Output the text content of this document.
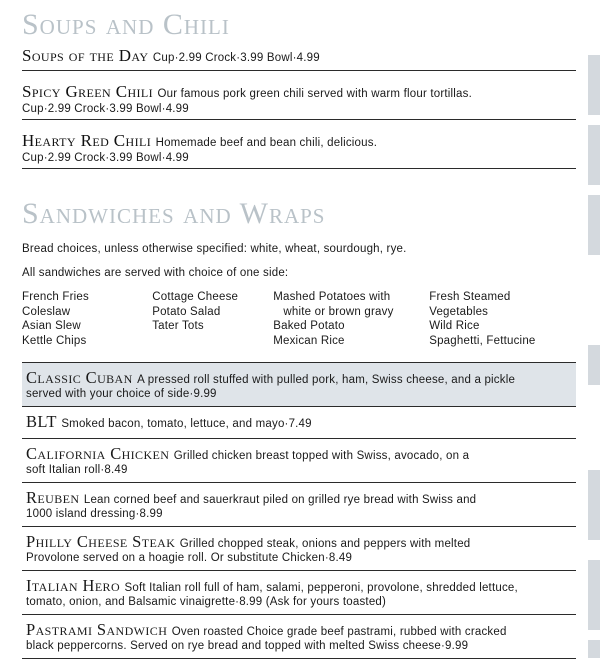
Soups and Chili
Soups of the Day Cup·2.99 Crock·3.99 Bowl·4.99
Spicy Green Chili Our famous pork green chili served with warm flour tortillas.
Cup·2.99 Crock·3.99 Bowl·4.99
Hearty Red Chili Homemade beef and bean chili, delicious.
Cup·2.99 Crock·3.99 Bowl·4.99
Sandwiches and Wraps
Bread choices, unless otherwise specified: white, wheat, sourdough, rye.
All sandwiches are served with choice of one side:
French Fries
Coleslaw
Asian Slew
Kettle Chips
Cottage Cheese
Potato Salad
Tater Tots
Mashed Potatoes with
white or brown gravy
Baked Potato
Mexican Rice
Fresh Steamed
Vegetables
Wild Rice
Spaghetti, Fettucine
Classic Cuban A pressed roll stuffed with pulled pork, ham, Swiss cheese, and a pickle
served with your choice of side·9.99
BLT Smoked bacon, tomato, lettuce, and mayo·7.49
California Chicken Grilled chicken breast topped with Swiss, avocado, on a
soft Italian roll·8.49
Reuben Lean corned beef and sauerkraut piled on grilled rye bread with Swiss and
1000 island dressing·8.99
Philly Cheese Steak Grilled chopped steak, onions and peppers with melted
Provolone served on a hoagie roll. Or substitute Chicken·8.49
Italian Hero Soft Italian roll full of ham, salami, pepperoni, provolone, shredded lettuce,
tomato, onion, and Balsamic vinaigrette·8.99 (Ask for yours toasted)
Pastrami Sandwich Oven roasted Choice grade beef pastrami, rubbed with cracked
black peppercorns. Served on rye bread and topped with melted Swiss cheese·9.99
